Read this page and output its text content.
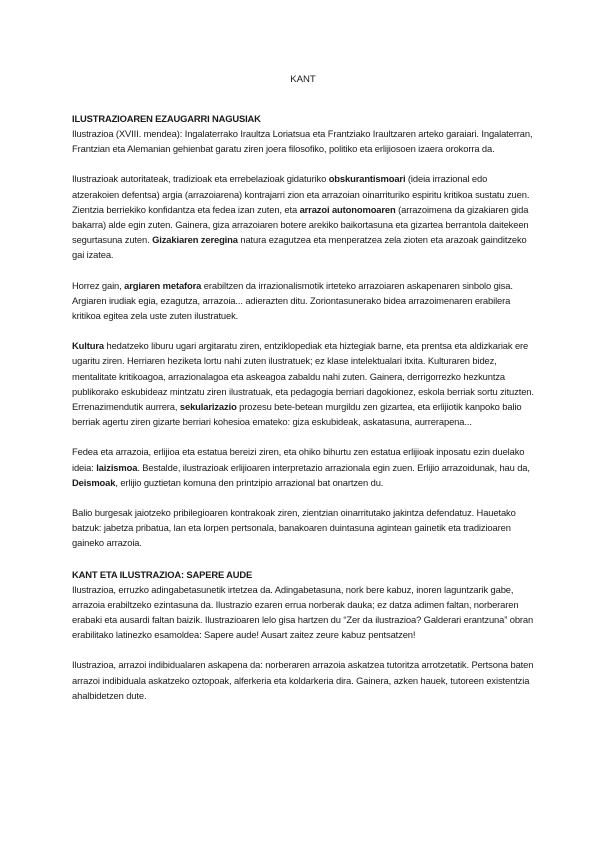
KANT
ILUSTRAZIOAREN EZAUGARRI NAGUSIAK

Ilustrazioa (XVIII. mendea): Ingalaterrako Iraultza Loriatsua eta Frantziako Iraultzaren arteko garaiari. Ingalaterran, Frantzian eta Alemanian gehienbat garatu ziren joera filosofiko, politiko eta erlijiosoen izaera orokorra da.

Ilustrazioak autoritateak, tradizioak eta errebelazioak gidaturiko obskurantismoari (ideia irrazional edo atzerakoien defentsa) argia (arrazoiarena) kontrajarri zion eta arrazoian oinarrituriko espiritu kritikoa sustatu zuen. Zientzia berriekiko konfidantza eta fedea izan zuten, eta arrazoi autonomoaren (arrazoimena da gizakiaren gida bakarra) alde egin zuten. Gainera, giza arrazoiaren botere arekiko baikortasuna eta gizartea berrantola daitekeen segurtasuna zuten. Gizakiaren zeregina natura ezagutzea eta menperatzea zela zioten eta arazoak gainditzeko gai izatea.

Horrez gain, argiaren metafora erabiltzen da irrazionalismotik irteteko arrazoiaren askapenaren sinbolo gisa. Argiaren irudiak egia, ezagutza, arrazoia... adierazten ditu. Zoriontasunerako bidea arrazoimenaren erabilera kritikoa egitea zela uste zuten ilustratuek.

Kultura hedatzeko liburu ugari argitaratu ziren, entziklopediak eta hiztegiak barne, eta prentsa eta aldizkariak ere ugaritu ziren. Herriaren heziketa lortu nahi zuten ilustratuek; ez klase intelektualari itxita. Kulturaren bidez, mentalitate kritikoagoa, arrazionalagoa eta askeagoa zabaldu nahi zuten. Gainera, derrigorrezko hezkuntza publikorako eskubideaz mintzatu ziren ilustratuak, eta pedagogia berriari dagokionez, eskola berriak sortu zituzten. Errenazimendutik aurrera, sekularizazio prozesu bete-betean murgildu zen gizartea, eta erlijiotik kanpoko balio berriak agertu ziren gizarte berriari kohesioa emateko: giza eskubideak, askatasuna, aurrerapena...

Fedea eta arrazoia, erlijioa eta estatua bereizi ziren, eta ohiko bihurtu zen estatua erlijioak inposatu ezin duelako ideia: laizismoa. Bestalde, ilustrazioak erlijioaren interpretazio arrazionala egin zuen. Erlijio arrazoidunak, hau da, Deismoak, erlijio guztietan komuna den printzipio arrazional bat onartzen du.

Balio burgesak jaiotzeko pribilegioaren kontrakoak ziren, zientzian oinarritutako jakintza defendatuz. Hauetako batzuk: jabetza pribatua, lan eta lorpen pertsonala, banakoaren duintasuna agintean gainetik eta tradizioaren gaineko arrazoia.

KANT ETA ILUSTRAZIOA: SAPERE AUDE

Ilustrazioa, erruzko adingabetasunetik irtetzea da. Adingabetasuna, nork bere kabuz, inoren laguntzarik gabe, arrazoia erabiltzeko ezintasuna da. Ilustrazio ezaren errua norberak dauka; ez datza adimen faltan, norberaren erabaki eta ausardi faltan baizik. Ilustrazioaren lelo gisa hartzen du “Zer da ilustrazioa? Galderari erantzuna” obran erabilitako latinezko esamoldea: Sapere aude! Ausart zaitez zeure kabuz pentsatzen!

Ilustrazioa, arrazoi indibidualaren askapena da: norberaren arrazoia askatzea tutoritza arrotzetatik. Pertsona baten arrazoi indibiduala askatzeko oztopoak, alferkeria eta koldarkeria dira. Gainera, azken hauek, tutoreen existentzia ahalbidetzen dute.
